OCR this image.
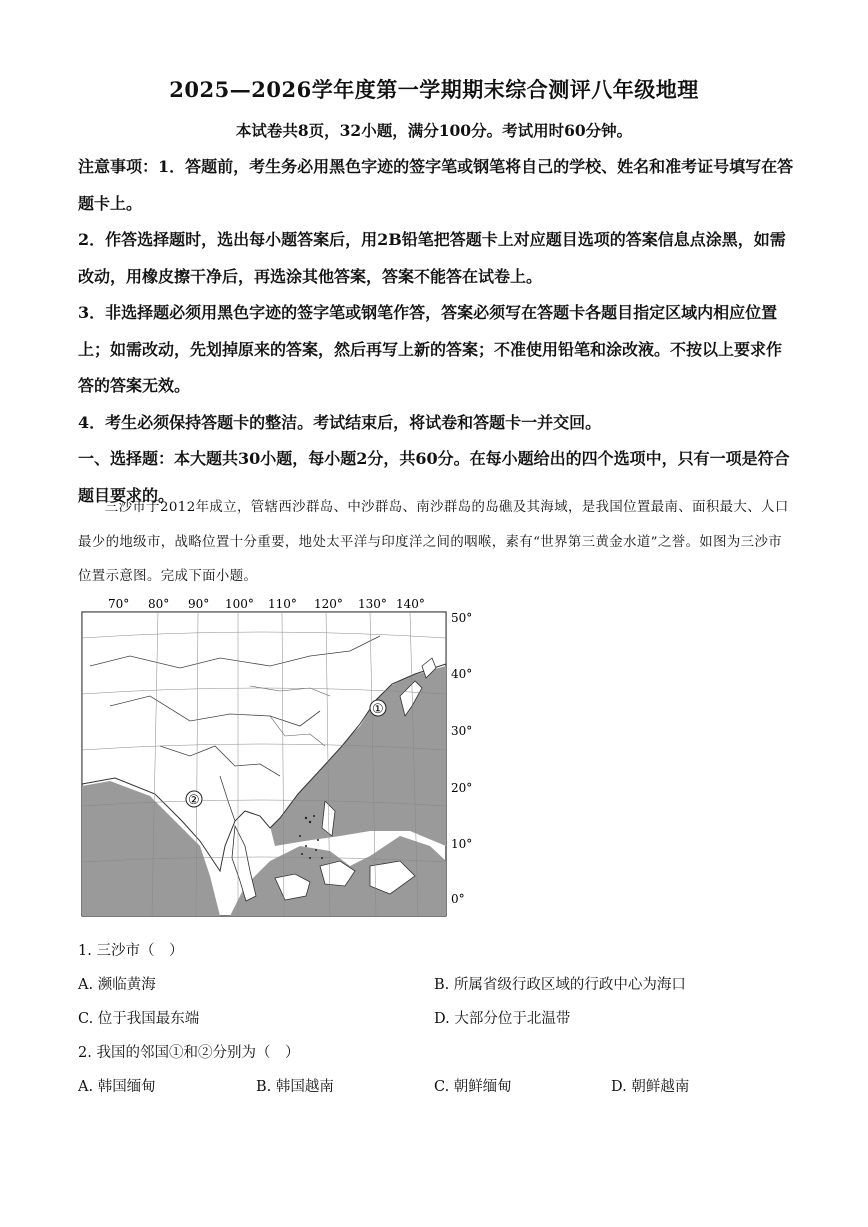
2025—2026学年度第一学期期末综合测评八年级地理
本试卷共8页，32小题，满分100分。考试用时60分钟。

注意事项：1．答题前，考生务必用黑色字迹的签字笔或钢笔将自己的学校、姓名和准考证号填写在答题卡上。

2．作答选择题时，选出每小题答案后，用2B铅笔把答题卡上对应题目选项的答案信息点涂黑，如需改动，用橡皮擦干净后，再选涂其他答案，答案不能答在试卷上。

3．非选择题必须用黑色字迹的签字笔或钢笔作答，答案必须写在答题卡各题目指定区域内相应位置上；如需改动，先划掉原来的答案，然后再写上新的答案；不准使用铅笔和涂改液。不按以上要求作答的答案无效。

4．考生必须保持答题卡的整洁。考试结束后，将试卷和答题卡一并交回。

一、选择题：本大题共30小题，每小题2分，共60分。在每小题给出的四个选项中，只有一项是符合题目要求的。

三沙市于2012年成立，管辖西沙群岛、中沙群岛、南沙群岛的岛礁及其海域，是我国位置最南、面积最大、人口最少的地级市，战略位置十分重要，地处太平洋与印度洋之间的咽喉，素有“世界第三黄金水道”之誉。如图为三沙市位置示意图。完成下面小题。
70° 80° 90° 100° 110° 120° 130° 140°
50°
40°
30°
20°
10°
0°
①
②
1. 三沙市（　）
A. 濒临黄海	B. 所属省级行政区域的行政中心为海口
C. 位于我国最东端	D. 大部分位于北温带
2. 我国的邻国①和②分别为（　）
A. 韩国缅甸	B. 韩国越南	C. 朝鲜缅甸	D. 朝鲜越南
